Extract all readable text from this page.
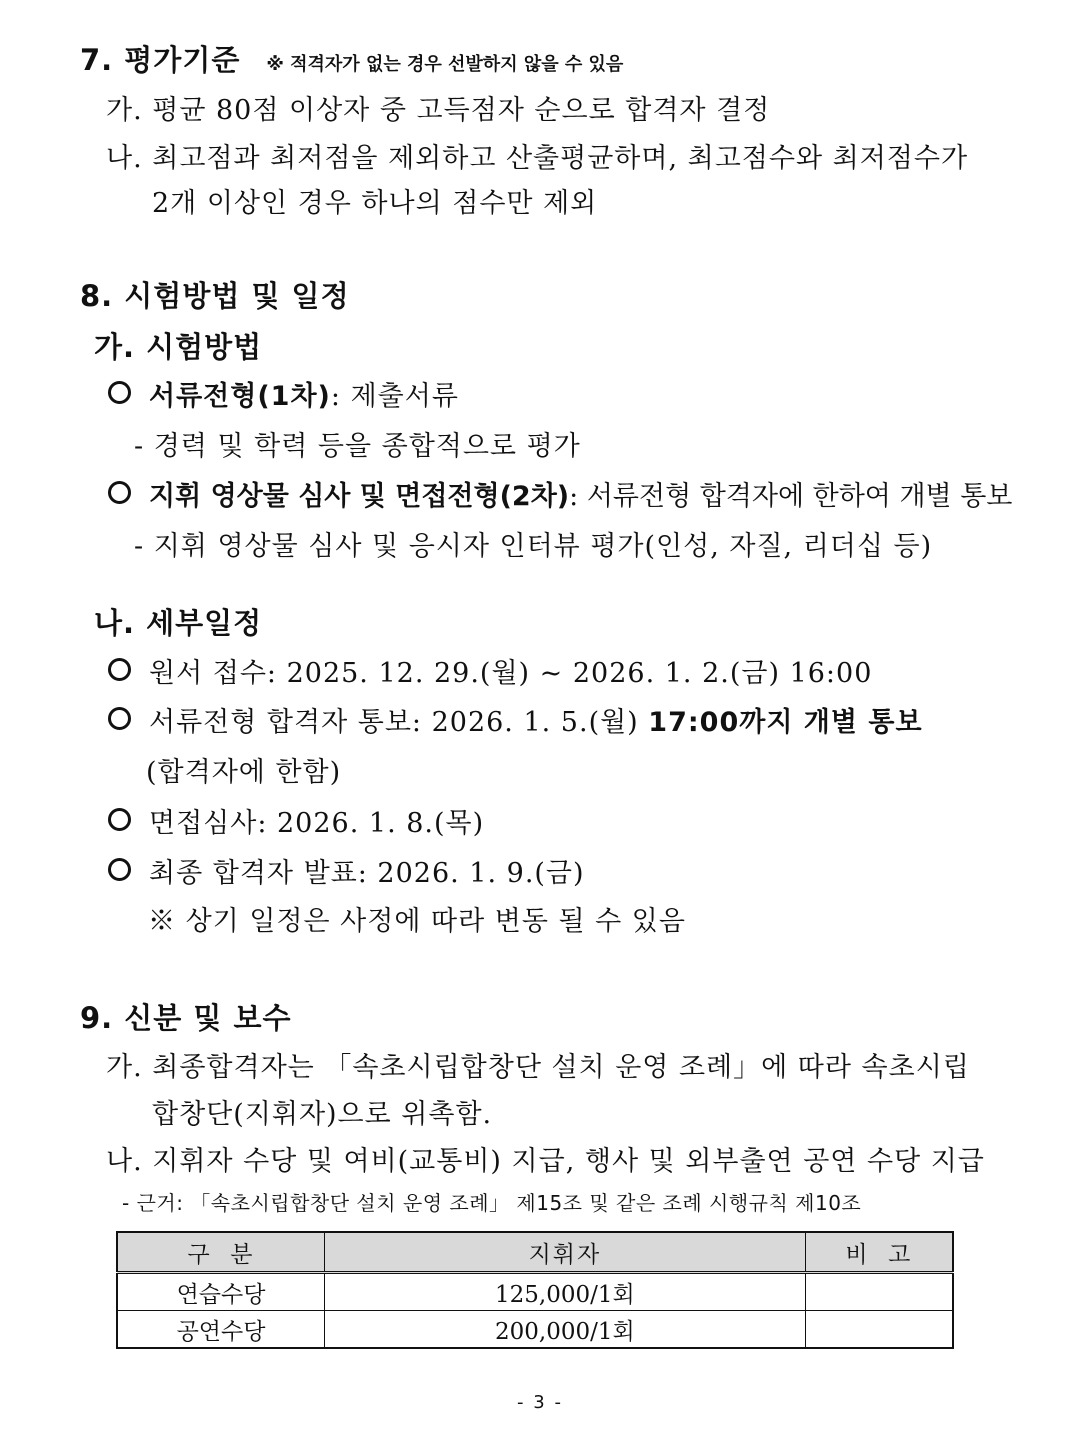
7. 평가기준 ※ 적격자가 없는 경우 선발하지 않을 수 있음
가. 평균 80점 이상자 중 고득점자 순으로 합격자 결정
나. 최고점과 최저점을 제외하고 산출평균하며, 최고점수와 최저점수가
2개 이상인 경우 하나의 점수만 제외
8. 시험방법 및 일정
가. 시험방법
서류전형(1차): 제출서류
- 경력 및 학력 등을 종합적으로 평가
지휘 영상물 심사 및 면접전형(2차): 서류전형 합격자에 한하여 개별 통보
- 지휘 영상물 심사 및 응시자 인터뷰 평가(인성, 자질, 리더십 등)
나. 세부일정
원서 접수: 2025. 12. 29.(월) ~ 2026. 1. 2.(금) 16:00
서류전형 합격자 통보: 2026. 1. 5.(월) 17:00까지 개별 통보
(합격자에 한함)
면접심사: 2026. 1. 8.(목)
최종 합격자 발표: 2026. 1. 9.(금)
※ 상기 일정은 사정에 따라 변동 될 수 있음
9. 신분 및 보수
가. 최종합격자는 「속초시립합창단 설치 운영 조례」에 따라 속초시립
합창단(지휘자)으로 위촉함.
나. 지휘자 수당 및 여비(교통비) 지급, 행사 및 외부출연 공연 수당 지급
- 근거: 「속초시립합창단 설치 운영 조례」 제15조 및 같은 조례 시행규칙 제10조
구  분	지휘자	비  고
연습수당	125,000/1회	
공연수당	200,000/1회	
- 3 -
